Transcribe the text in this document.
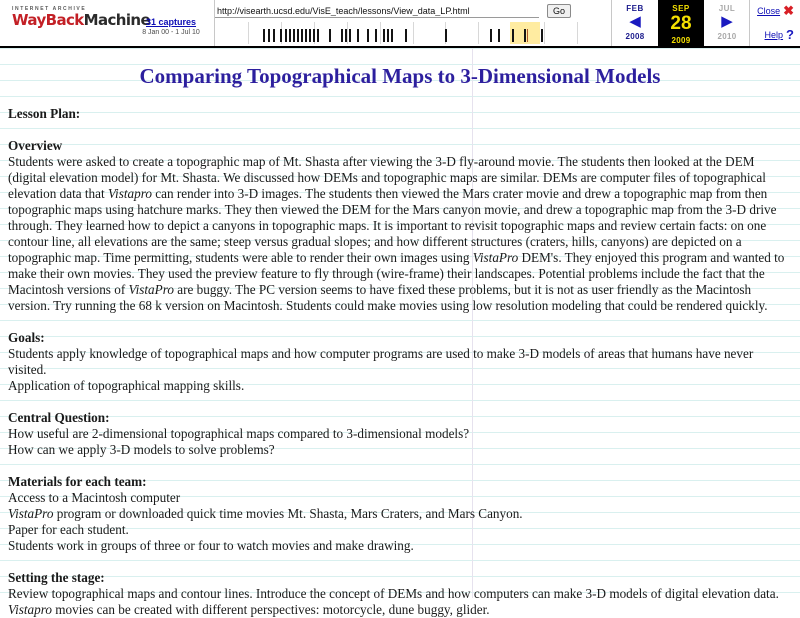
INTERNET ARCHIVE
WayBackMachine
31 captures
8 Jan 00 - 1 Jul 10
http://visearth.ucsd.edu/VisE_teach/lessons/View_data_LP.html
Go	FEB
◀
2008
SEP
28
2009
JUL
▶
2010
Close ✖
Help ?
Comparing Topographical Maps to 3-Dimensional Models

Lesson Plan:

Overview

Students were asked to create a topographic map of Mt. Shasta after viewing the 3-D fly-around movie. The students then looked at the DEM (digital elevation model) for Mt. Shasta. We discussed how DEMs and topographic maps are similar. DEMs are computer files of topographical elevation data that Vistapro can render into 3-D images. The students then viewed the Mars crater movie and drew a topographic map from then topographic maps using hatchure marks. They then viewed the DEM for the Mars canyon movie, and drew a topographic map from the 3-D drive through. They learned how to depict a canyons in topographic maps. It is important to revisit topographic maps and review certain facts: on one contour line, all elevations are the same; steep versus gradual slopes; and how different structures (craters, hills, canyons) are depicted on a topographic map. Time permitting, students were able to render their own images using VistaPro DEM's. They enjoyed this program and wanted to make their own movies. They used the preview feature to fly through (wire-frame) their landscapes. Potential problems include the fact that the Macintosh versions of VistaPro are buggy. The PC version seems to have fixed these problems, but it is not as user friendly as the Macintosh version. Try running the 68 k version on Macintosh. Students could make movies using low resolution modeling that could be rendered quickly.

Goals:

Students apply knowledge of topographical maps and how computer programs are used to make 3-D models of areas that humans have never visited.

Application of topographical mapping skills.

Central Question:

How useful are 2-dimensional topographical maps compared to 3-dimensional models?

How can we apply 3-D models to solve problems?

Materials for each team:

Access to a Macintosh computer

VistaPro program or downloaded quick time movies Mt. Shasta, Mars Craters, and Mars Canyon.

Paper for each student.

Students work in groups of three or four to watch movies and make drawing.

Setting the stage:

Review topographical maps and contour lines. Introduce the concept of DEMs and how computers can make 3-D models of digital elevation data. Vistapro movies can be created with different perspectives: motorcycle, dune buggy, glider.
